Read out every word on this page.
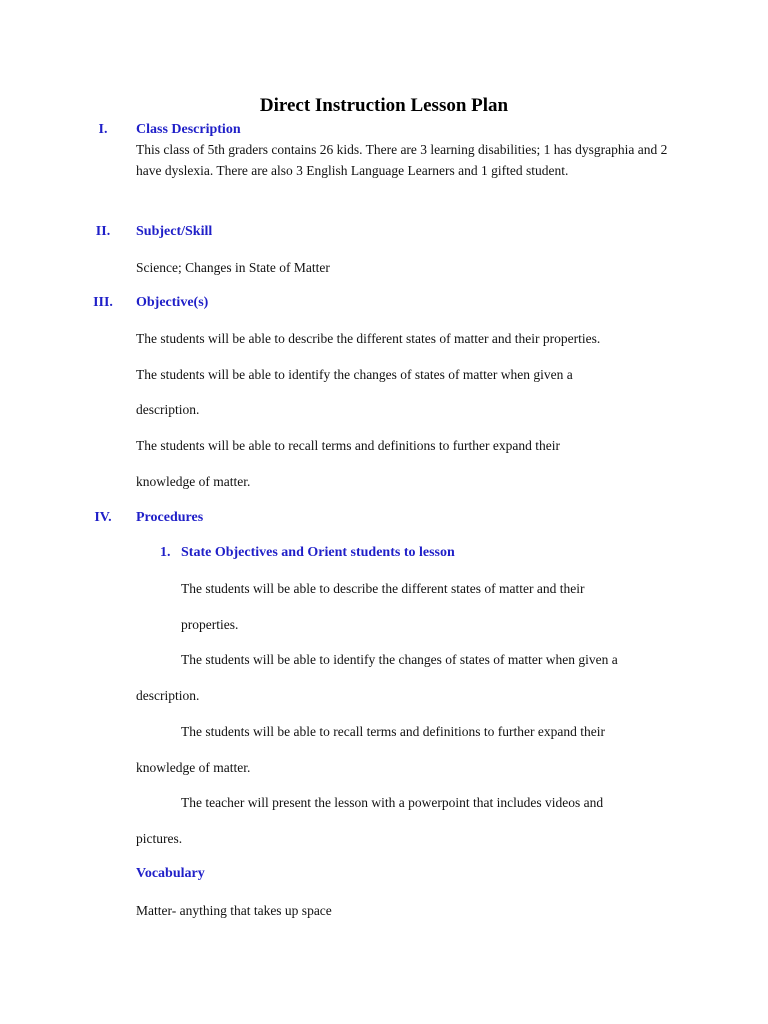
Direct Instruction Lesson Plan
I.	Class Description
This class of 5th graders contains 26 kids. There are 3 learning disabilities; 1 has dysgraphia and 2 have dyslexia. There are also 3 English Language Learners and 1 gifted student.
II.	Subject/Skill
Science; Changes in State of Matter
III.	Objective(s)
The students will be able to describe the different states of matter and their properties.
The students will be able to identify the changes of states of matter when given a
description.
The students will be able to recall terms and definitions to further expand their
knowledge of matter.
IV.	Procedures
1. State Objectives and Orient students to lesson
The students will be able to describe the different states of matter and their
properties.
The students will be able to identify the changes of states of matter when given a
description.
The students will be able to recall terms and definitions to further expand their
knowledge of matter.
The teacher will present the lesson with a powerpoint that includes videos and
pictures.
Vocabulary
Matter- anything that takes up space
